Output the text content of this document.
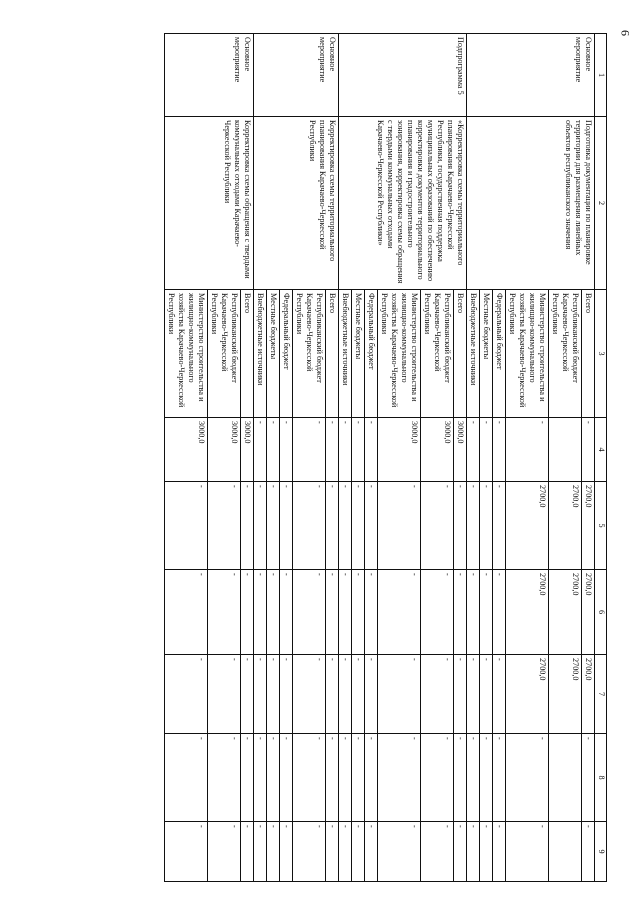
9
1	2	3	4	5	6	7	8	9
Основное мероприятие	Подготовка документации по планировке территории для размещения линейных объектов республиканского значения	Всего	-	2700,0	2700,0	2700,0	-	-
		Республиканский бюджет Карачаево-Черкесской Республики		2700,0	2700,0	2700,0		
		Министерство строительства и жилищно-коммунального хозяйства Карачаево-Черкесской Республики	-	2700,0	2700,0	2700,0	-	-
		Федеральный бюджет	-	-	-	-	-	-
		Местные бюджеты	-	-	-	-	-	-
		Внебюджетные источники	-	-	-	-	-	-
Подпрограмма 5	«Корректировка схемы территориального планирования Карачаево-Черкесской Республики, государственная поддержка муниципальных образований по обеспечению корректировки документов территориального планирования и градостроительного зонирования, корректировка схемы обращения с твердыми коммунальных отходами Карачаево-Черкесской Республики»	Всего	3000,0	-	-	-	-	-
		Республиканский бюджет Карачаево-Черкесской Республики	3000,0	-	-	-	-	-
		Министерство строительства и жилищно-коммунального хозяйства Карачаево-Черкесской Республики	3000,0	-	-	-	-	-
		Федеральный бюджет	-	-	-	-	-	-
		Местные бюджеты	-	-	-	-	-	-
		Внебюджетные источники	-	-	-	-	-	-
Основное мероприятие	Корректировка схемы территориального планирования Карачаево-Черкесской Республики	Всего	-	-	-	-	-	-
		Республиканский бюджет Карачаево-Черкесской Республики	-	-	-	-	-	-
		Федеральный бюджет	-	-	-	-	-	-
		Местные бюджеты	-	-	-	-	-	-
		Внебюджетные источники	-	-	-	-	-	-
Основное мероприятие	Корректировка схемы обращения с твердыми коммунальных отходами Карачаево-Черкесской Республики	Всего	3000,0	-	-	-	-	-
		Республиканский бюджет Карачаево-Черкесской Республики	3000,0	-	-	-	-	-
		Министерство строительства и жилищно-коммунального хозяйства Карачаево-Черкесской Республики	3000,0	-	-	-	-	-
